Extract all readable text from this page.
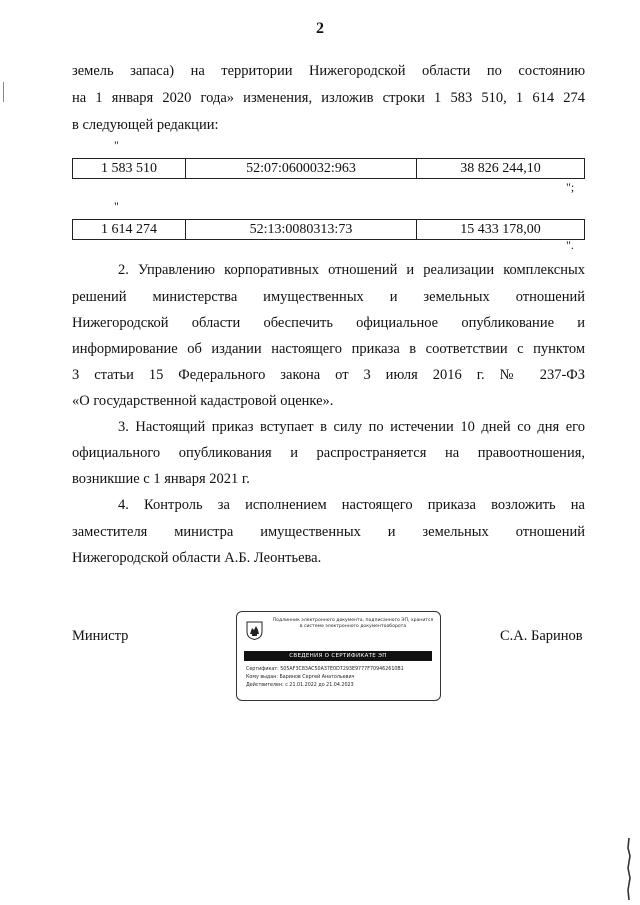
2
земель запаса) на территории Нижегородской области по состоянию
на 1 января 2020 года» изменения, изложив строки 1 583 510, 1 614 274
в следующей редакции:
"
1 583 510	52:07:0600032:963	38 826 244,10
";
"
1 614 274	52:13:0080313:73	15 433 178,00
".
2. Управлению корпоративных отношений и реализации комплексных
решений министерства имущественных и земельных отношений
Нижегородской области обеспечить официальное опубликование и
информирование об издании настоящего приказа в соответствии с пунктом
3 статьи 15 Федерального закона от 3 июля 2016 г. № 237-ФЗ
«О государственной кадастровой оценке».
3. Настоящий приказ вступает в силу по истечении 10 дней со дня его
официального опубликования и распространяется на правоотношения,
возникшие с 1 января 2021 г.
4. Контроль за исполнением настоящего приказа возложить на
заместителя министра имущественных и земельных отношений
Нижегородской области А.Б. Леонтьева.
Министр	С.А. Баринов
Подлинник электронного документа, подписанного ЭП, хранится в системе электронного документооборота
СВЕДЕНИЯ О СЕРТИФИКАТЕ ЭП
Сертификат: 505AF3C83AC50A37E0D7293E9777F709462610B1
Кому выдан: Баринов Сергей Анатольевич
Действителен: с 21.01.2022 до 21.04.2023
